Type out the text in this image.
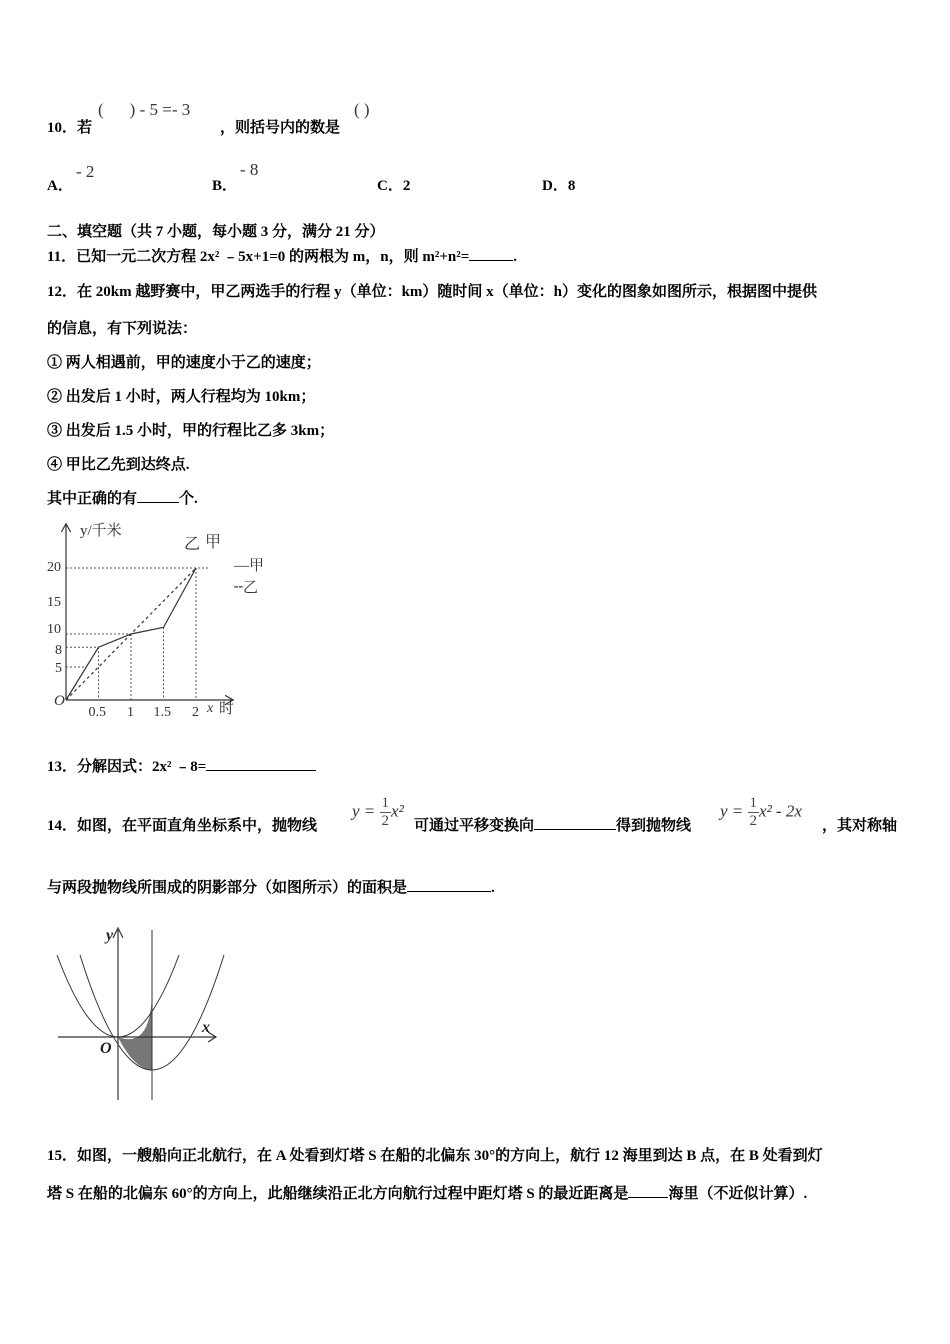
10．若
( ) - 5 =- 3
，则括号内的数是
( )
A．
- 2
B．
- 8
C．2	D．8
二、填空题（共 7 小题，每小题 3 分，满分 21 分）
11．已知一元二次方程 2x² ﹣5x+1=0 的两根为 m，n，则 m²+n²=	.
12．在 20km 越野赛中，甲乙两选手的行程 y（单位：km）随时间 x（单位：h）变化的图象如图所示，根据图中提供
的信息，有下列说法：
① 两人相遇前，甲的速度小于乙的速度；
② 出发后 1 小时，两人行程均为 10km；
③ 出发后 1.5 小时，甲的行程比乙多 3km；
④ 甲比乙先到达终点.
其中正确的有	个.
0.5 1 1.5 2
20
15
10
8
5
y/千米
x 时
O
乙 甲
—甲
╌乙
13．分解因式：2x² ﹣8=
14．如图，在平面直角坐标系中，抛物线
$y = \frac{1}{2} x^2$
可通过平移变换向	得到抛物线
$y = \frac{1}{2} x^2 - 2x$
，其对称轴
与两段抛物线所围成的阴影部分（如图所示）的面积是	.
y
x
O
15．如图，一艘船向正北航行，在 A 处看到灯塔 S 在船的北偏东 30°的方向上，航行 12 海里到达 B 点，在 B 处看到灯
塔 S 在船的北偏东 60°的方向上，此船继续沿正北方向航行过程中距灯塔 S 的最近距离是	海里（不近似计算）.
